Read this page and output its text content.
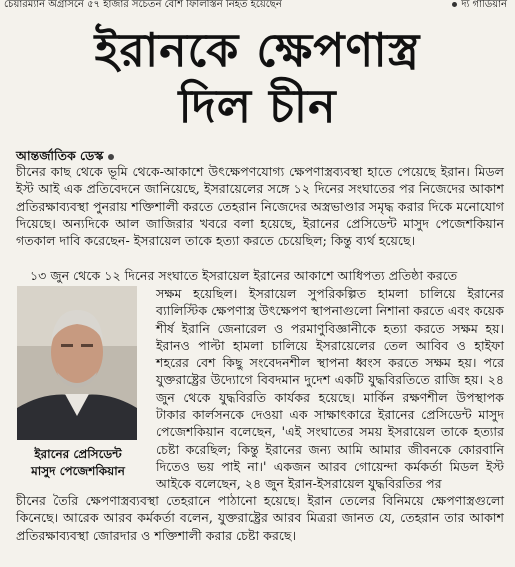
চেয়ারম্যান অগ্রাসনে ৫৭ হাজার সচেতন বেশি ফিলিস্তিন নিহত হয়েছেন	দ্য গার্ডিয়ান
ইরানকে ক্ষেপণাস্ত্র
দিল চীন
আন্তর্জাতিক ডেস্ক
চীনের কাছ থেকে ভূমি থেকে-আকাশে উৎক্ষেপণযোগ্য ক্ষেপণাস্ত্রব্যবস্থা হাতে পেয়েছে ইরান। মিডল ইস্ট আই এক প্রতিবেদনে জানিয়েছে, ইসরায়েলের সঙ্গে ১২ দিনের সংঘাতের পর নিজেদের আকাশ প্রতিরক্ষাব্যবস্থা পুনরায় শক্তিশালী করতে তেহরান নিজেদের অস্ত্রভাণ্ডার সমৃদ্ধ করার দিকে মনোযোগ দিয়েছে। অন্যদিকে আল জাজিরার খবরে বলা হয়েছে, ইরানের প্রেসিডেন্ট মাসুদ পেজেশকিয়ান গতকাল দাবি করেছেন- ইসরায়েল তাকে হত্যা করতে চেয়েছিল; কিন্তু ব্যর্থ হয়েছে।
১৩ জুন থেকে ১২ দিনের সংঘাতে ইসরায়েল ইরানের আকাশে আধিপত্য প্রতিষ্ঠা করতে
সক্ষম হয়েছিল। ইসরায়েল সুপরিকল্পিত হামলা চালিয়ে ইরানের ব্যালিস্টিক ক্ষেপণাস্ত্র উৎক্ষেপণ স্থাপনাগুলো নিশানা করতে এবং কয়েক শীর্ষ ইরানি জেনারেল ও পরমাণুবিজ্ঞানীকে হত্যা করতে সক্ষম হয়। ইরানও পাল্টা হামলা চালিয়ে ইসরায়েলের তেল আবিব ও হাইফা শহরের বেশ কিছু সংবেদনশীল স্থাপনা ধ্বংস করতে সক্ষম হয়। পরে যুক্তরাষ্ট্রের উদ্যোগে বিবদমান দুদেশ একটি যুদ্ধবিরতিতে রাজি হয়। ২৪ জুন থেকে যুদ্ধবিরতি কার্যকর হয়েছে। মার্কিন রক্ষণশীল উপস্থাপক টাকার কার্লসনকে দেওয়া এক সাক্ষাৎকারে ইরানের প্রেসিডেন্ট মাসুদ পেজেশকিয়ান বলেছেন, 'এই সংঘাতের সময় ইসরায়েল তাকে হত্যার চেষ্টা করেছিল; কিন্তু ইরানের জন্য আমি আমার জীবনকে কোরবানি দিতেও ভয় পাই না।' একজন আরব গোয়েন্দা কর্মকর্তা মিডল ইস্ট আইকে বলেছেন, ২৪ জুন ইরান-ইসরায়েল যুদ্ধবিরতির পর
ইরানের প্রেসিডেন্ট
মাসুদ পেজেশকিয়ান
চীনের তৈরি ক্ষেপণাস্ত্রব্যবস্থা তেহরানে পাঠানো হয়েছে। ইরান তেলের বিনিময়ে ক্ষেপণাস্ত্রগুলো কিনেছে। আরেক আরব কর্মকর্তা বলেন, যুক্তরাষ্ট্রের আরব মিত্ররা জানত যে, তেহরান তার আকাশ প্রতিরক্ষাব্যবস্থা জোরদার ও শক্তিশালী করার চেষ্টা করছে।
